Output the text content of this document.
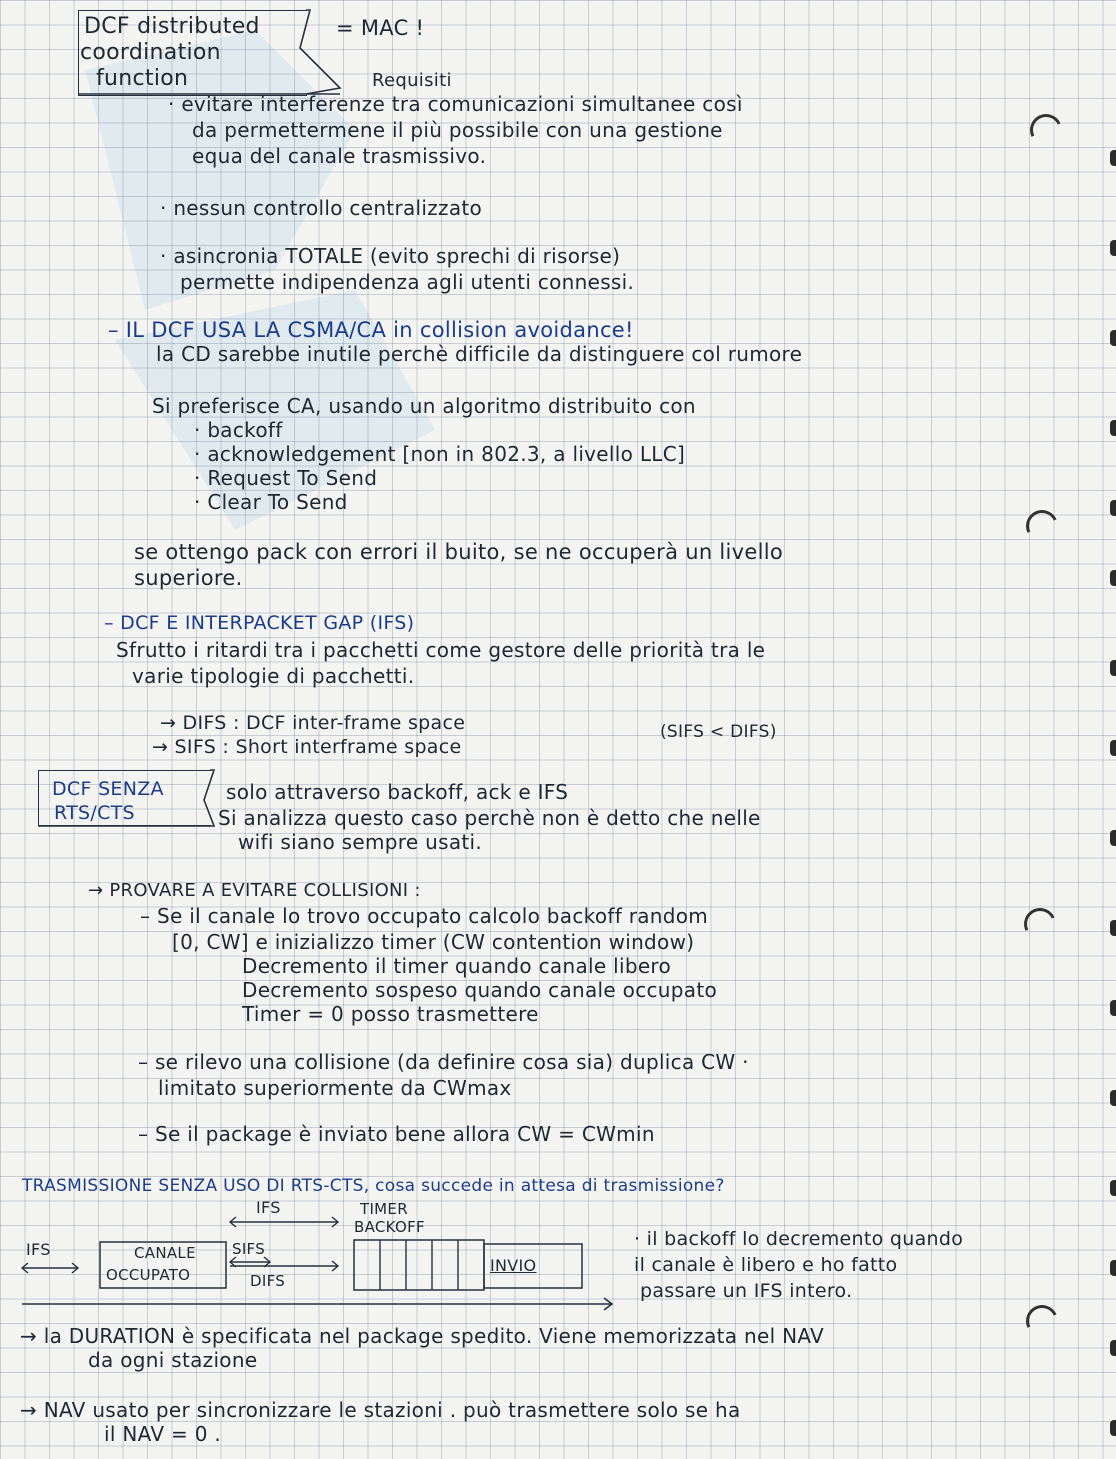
DCF distributed
coordination
function
= MAC !
Requisiti
· evitare interferenze tra comunicazioni simultanee così
da permettermene il più possibile con una gestione
equa del canale trasmissivo.
· nessun controllo centralizzato
· asincronia TOTALE (evito sprechi di risorse)
permette indipendenza agli utenti connessi.
– IL DCF USA LA CSMA/CA in collision avoidance!
la CD sarebbe inutile perchè difficile da distinguere col rumore
Si preferisce CA, usando un algoritmo distribuito con
· backoff
· acknowledgement [non in 802.3, a livello LLC]
· Request To Send
· Clear To Send
se ottengo pack con errori il buito, se ne occuperà un livello
superiore.
– DCF E INTERPACKET GAP (IFS)
Sfrutto i ritardi tra i pacchetti come gestore delle priorità tra le
varie tipologie di pacchetti.
→ DIFS : DCF inter-frame space
→ SIFS : Short interframe space
(SIFS < DIFS)
DCF SENZA
RTS/CTS
solo attraverso backoff, ack e IFS
Si analizza questo caso perchè non è detto che nelle
wifi siano sempre usati.
→ PROVARE A EVITARE COLLISIONI :
– Se il canale lo trovo occupato calcolo backoff random
[0, CW] e inizializzo timer (CW contention window)
Decremento il timer quando canale libero
Decremento sospeso quando canale occupato
Timer = 0 posso trasmettere
– se rilevo una collisione (da definire cosa sia) duplica CW ·
limitato superiormente da CWmax
– Se il package è inviato bene allora CW = CWmin
TRASMISSIONE SENZA USO DI RTS-CTS, cosa succede in attesa di trasmissione?
IFS
IFS
CANALE
OCCUPATO
SIFS
DIFS
TIMER
BACKOFF
INVIO
· il backoff lo decremento quando
il canale è libero e ho fatto
passare un IFS intero.
→ la DURATION è specificata nel package spedito. Viene memorizzata nel NAV
da ogni stazione
→ NAV usato per sincronizzare le stazioni . può trasmettere solo se ha
il NAV = 0 .
